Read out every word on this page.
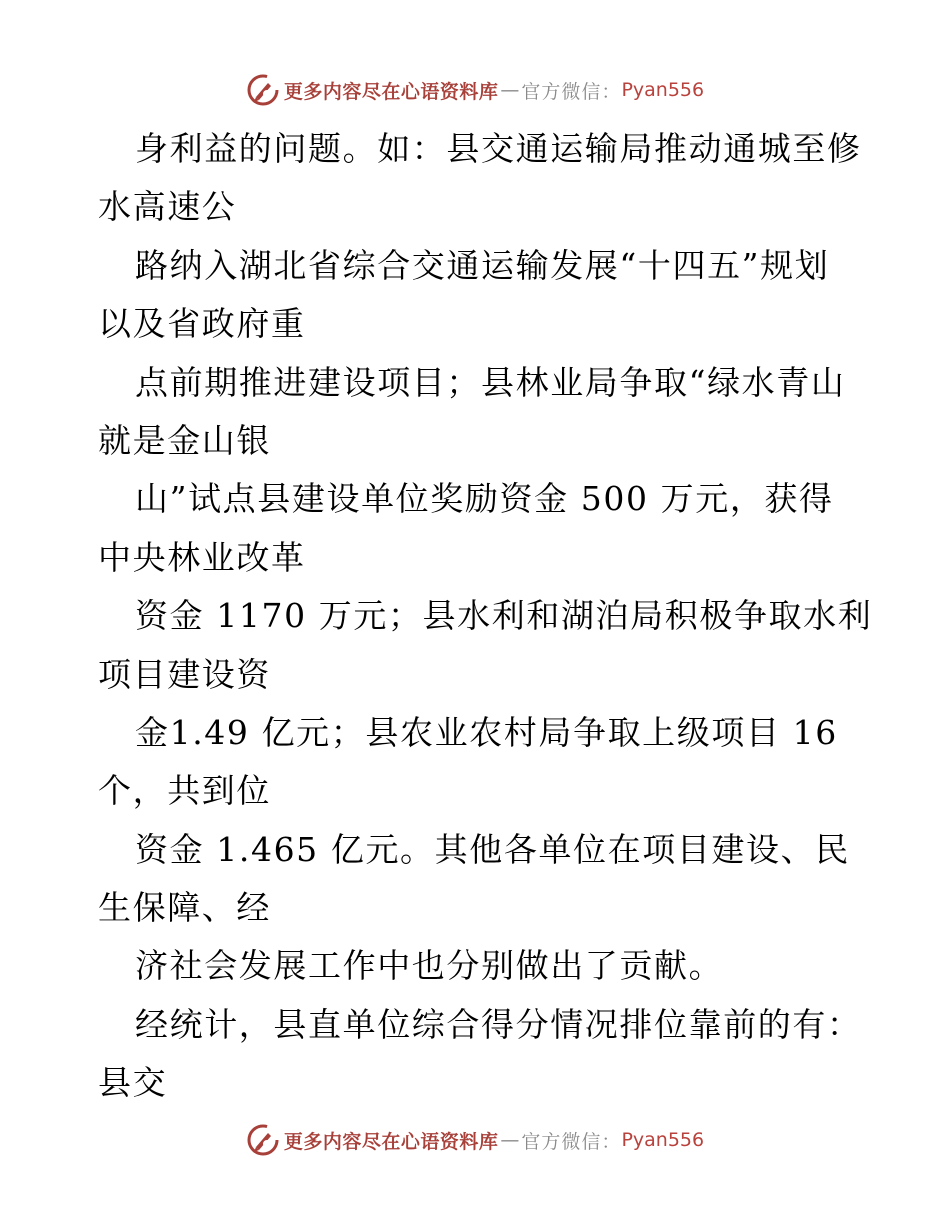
更多内容尽在心语资料库 — 官方微信： Pyan556
身利益的问题。如：县交通运输局推动通城至修
水高速公
路纳入湖北省综合交通运输发展“十四五”规划
以及省政府重
点前期推进建设项目；县林业局争取“绿水青山
就是金山银
山”试点县建设单位奖励资金 500 万元，获得
中央林业改革
资金 1170 万元；县水利和湖泊局积极争取水利
项目建设资
金1.49 亿元；县农业农村局争取上级项目 16
个，共到位
资金 1.465 亿元。其他各单位在项目建设、民
生保障、经
济社会发展工作中也分别做出了贡献。
经统计，县直单位综合得分情况排位靠前的有：
县交
更多内容尽在心语资料库 — 官方微信： Pyan556
